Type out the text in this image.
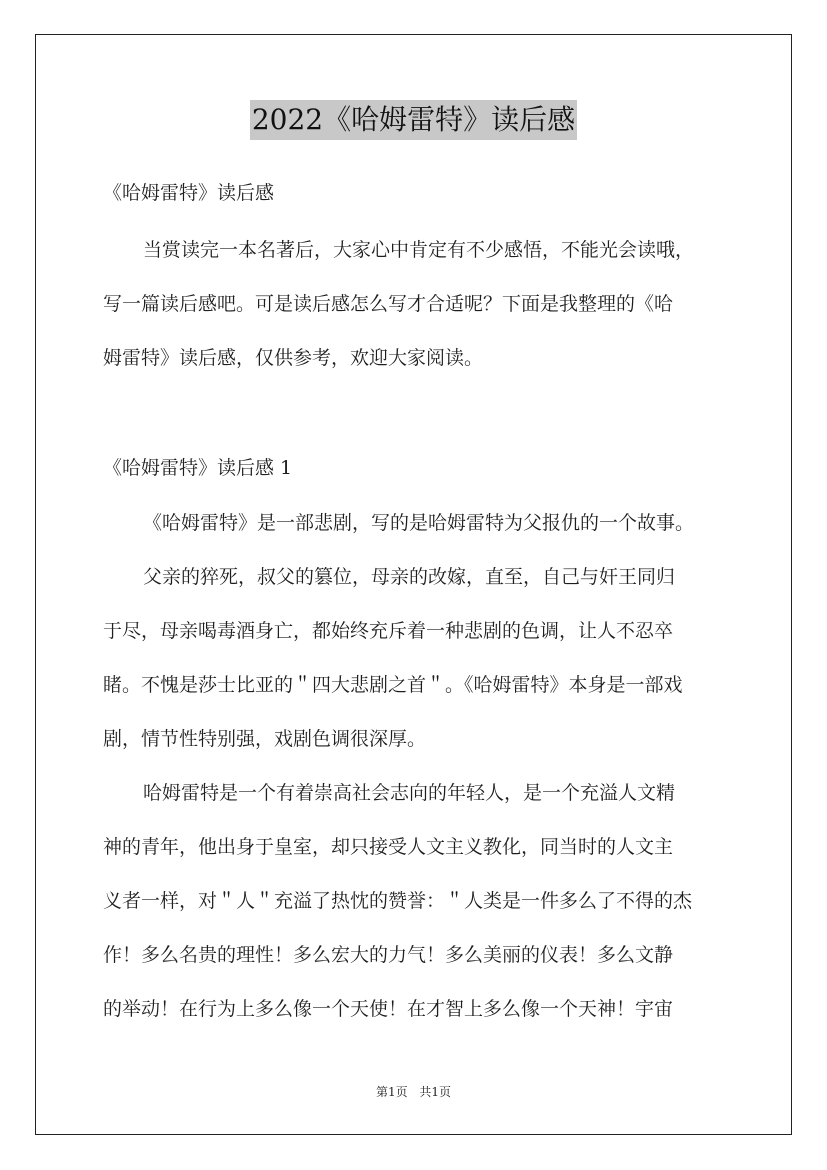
2022《哈姆雷特》读后感
《哈姆雷特》读后感
当赏读完一本名著后，大家心中肯定有不少感悟，不能光会读哦，
写一篇读后感吧。可是读后感怎么写才合适呢？下面是我整理的《哈
姆雷特》读后感，仅供参考，欢迎大家阅读。
《哈姆雷特》读后感 1
《哈姆雷特》是一部悲剧，写的是哈姆雷特为父报仇的一个故事。
父亲的猝死，叔父的篡位，母亲的改嫁，直至，自己与奸王同归
于尽，母亲喝毒酒身亡，都始终充斥着一种悲剧的色调，让人不忍卒
睹。不愧是莎士比亚的＂四大悲剧之首＂。《哈姆雷特》本身是一部戏
剧，情节性特别强，戏剧色调很深厚。
哈姆雷特是一个有着崇高社会志向的年轻人，是一个充溢人文精
神的青年，他出身于皇室，却只接受人文主义教化，同当时的人文主
义者一样，对＂人＂充溢了热忱的赞誉：＂人类是一件多么了不得的杰
作！多么名贵的理性！多么宏大的力气！多么美丽的仪表！多么文静
的举动！在行为上多么像一个天使！在才智上多么像一个天神！宇宙
第1页 共1页
